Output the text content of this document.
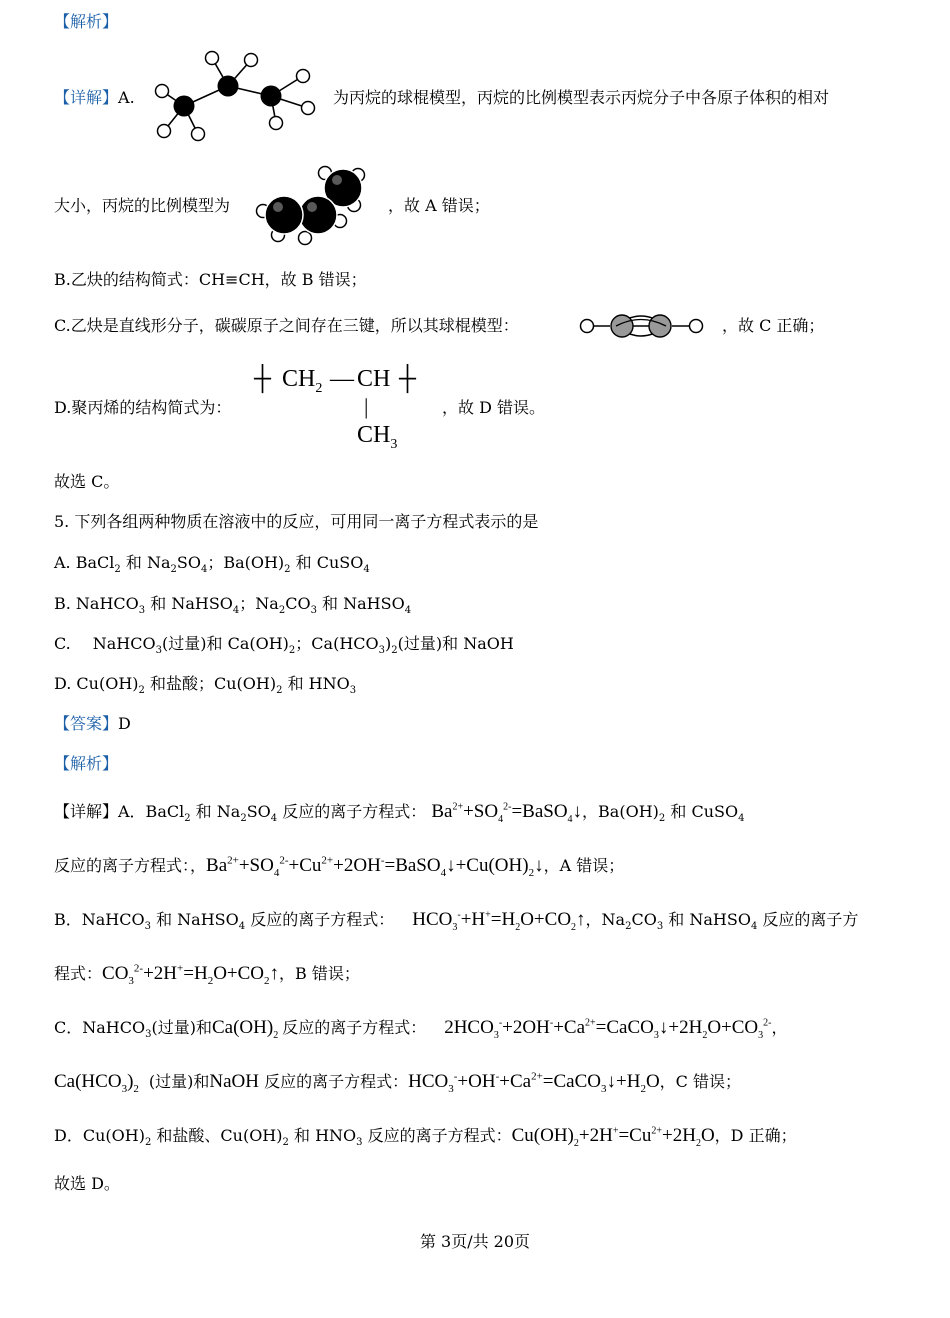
【解析】
【详解】A.	为丙烷的球棍模型，丙烷的比例模型表示丙烷分子中各原子体积的相对
大小，丙烷的比例模型为	，故 A 错误；
B.乙炔的结构简式：CH≡CH，故 B 错误；
C.乙炔是直线形分子，碳碳原子之间存在三键，所以其球棍模型：	，故 C 正确；
D.聚丙烯的结构简式为：
┼ $CH_2$ — CH ┼
|
$CH_3$
，故 D 错误。
故选 C。
5. 下列各组两种物质在溶液中的反应，可用同一离子方程式表示的是
A. BaCl$_2$ 和 $Na_2SO_4$；$Ba(OH)_2$ 和 CuSO$_4$
B. NaHCO$_3$ 和 NaHSO$_4$；$Na_2CO_3$ 和 NaHSO$_4$
C. NaHCO$_3$(过量)和 $Ca(OH)_2$；$Ca(HCO_3)_2$(过量)和 NaOH
D. $Cu(OH)_2$ 和盐酸；$Cu(OH)_2$ 和 $HNO_3$
【答案】D
【解析】
【详解】A．BaCl$_2$ 和 $Na_2SO_4$ 反应的离子方程式： $Ba^{2+}+SO_4^{2-}=BaSO_4↓$，$Ba(OH)_2$ 和 CuSO$_4$
反应的离子方程式：，$Ba^{2+}+SO_4^{2-}+Cu^{2+}+2OH^-=BaSO_4↓+Cu(OH)_2↓$，A 错误；
B．NaHCO$_3$ 和 NaHSO$_4$ 反应的离子方程式： $HCO_3^-+H^+=H_2O+CO_2↑$，$Na_2CO_3$ 和 NaHSO$_4$ 反应的离子方
程式：$CO_3^{2-}+2H^+=H_2O+CO_2↑$，B 错误；
C．NaHCO$_3$(过量)和$Ca(OH)_2$ 反应的离子方程式： $2HCO_3^-+2OH^-+Ca^{2+}=CaCO_3↓+2H_2O+CO_3^{2-}$，
$Ca(HCO_3)_2$ (过量)和NaOH 反应的离子方程式：$HCO_3^-+OH^-+Ca^{2+}=CaCO_3↓+H_2O$，C 错误；
D．$Cu(OH)_2$ 和盐酸、$Cu(OH)_2$ 和 $HNO_3$ 反应的离子方程式：$Cu(OH)_2+2H^+=Cu^{2+}+2H_2O$，D 正确；
故选 D。
第 3页/共 20页
